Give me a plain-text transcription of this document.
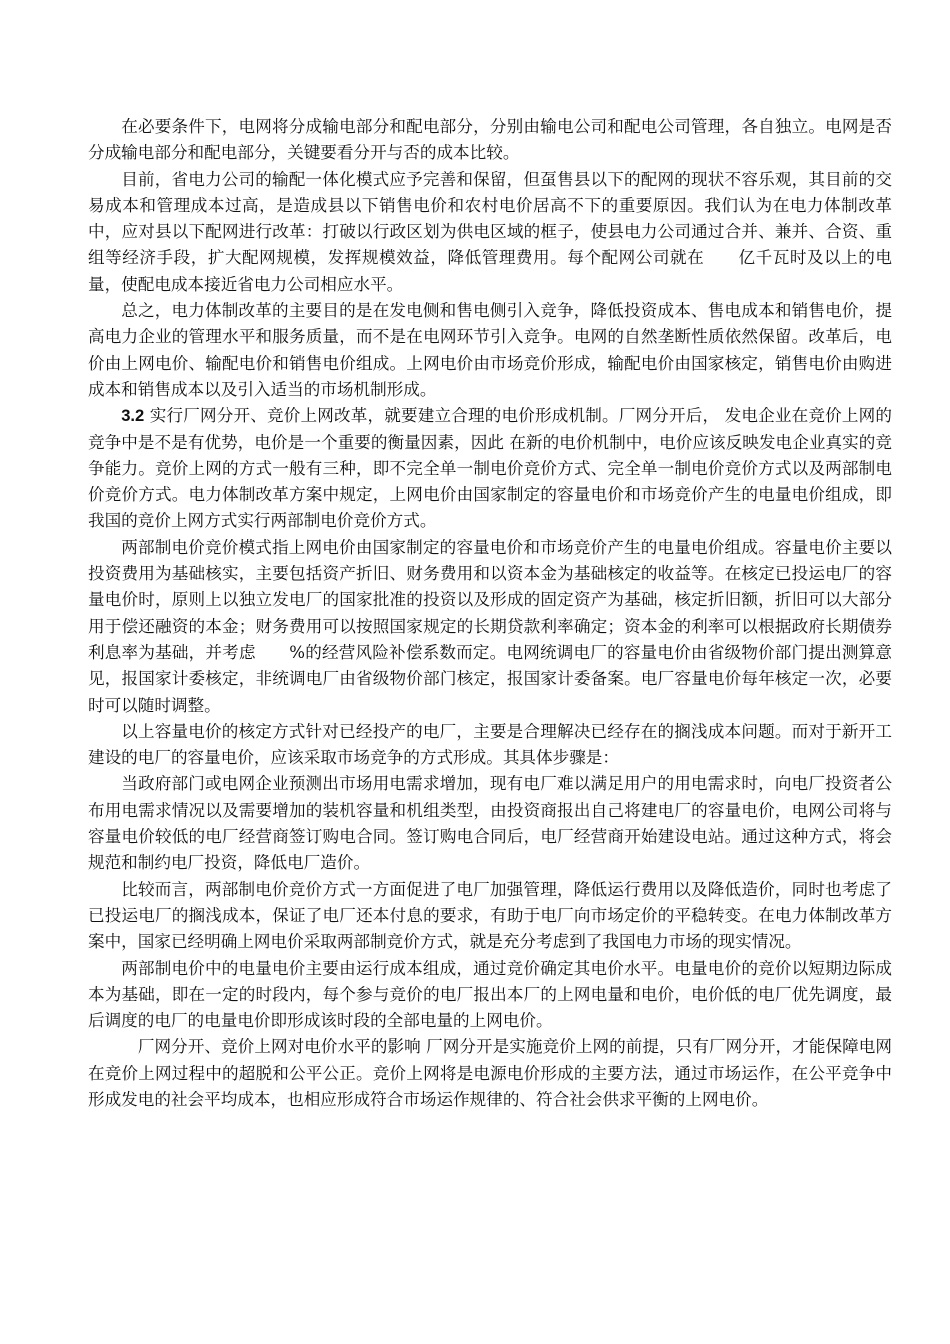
在必要条件下，电网将分成输电部分和配电部分，分别由输电公司和配电公司管理，各自独立。电网是否分成输电部分和配电部分，关键要看分开与否的成本比较。

目前，省电力公司的输配一体化模式应予完善和保留，但虿售县以下的配网的现状不容乐观，其目前的交易成本和管理成本过高，是造成县以下销售电价和农村电价居高不下的重要原因。我们认为在电力体制改革中，应对县以下配网进行改革：打破以行政区划为供电区域的框子，使县电力公司通过合并、兼并、合资、重组等经济手段，扩大配网规模，发挥规模效益，降低管理费用。每个配网公司就在　　亿千瓦时及以上的电量，使配电成本接近省电力公司相应水平。

总之，电力体制改革的主要目的是在发电侧和售电侧引入竞争，降低投资成本、售电成本和销售电价，提高电力企业的管理水平和服务质量，而不是在电网环节引入竞争。电网的自然垄断性质依然保留。改革后，电价由上网电价、输配电价和销售电价组成。上网电价由市场竞价形成，输配电价由国家核定，销售电价由购进成本和销售成本以及引入适当的市场机制形成。

3.2 实行厂网分开、竞价上网改革，就要建立合理的电价形成机制。厂网分开后， 发电企业在竞价上网的竞争中是不是有优势，电价是一个重要的衡量因素，因此 在新的电价机制中，电价应该反映发电企业真实的竞争能力。竞价上网的方式一般有三种，即不完全单一制电价竞价方式、完全单一制电价竞价方式以及两部制电价竞价方式。电力体制改革方案中规定，上网电价由国家制定的容量电价和市场竞价产生的电量电价组成，即我国的竞价上网方式实行两部制电价竞价方式。

两部制电价竞价模式指上网电价由国家制定的容量电价和市场竞价产生的电量电价组成。容量电价主要以投资费用为基础核实，主要包括资产折旧、财务费用和以资本金为基础核定的收益等。在核定已投运电厂的容量电价时，原则上以独立发电厂的国家批准的投资以及形成的固定资产为基础，核定折旧额，折旧可以大部分用于偿还融资的本金；财务费用可以按照国家规定的长期贷款利率确定；资本金的利率可以根据政府长期债券利息率为基础，并考虑　　%的经营风险补偿系数而定。电网统调电厂的容量电价由省级物价部门提出测算意见，报国家计委核定，非统调电厂由省级物价部门核定，报国家计委备案。电厂容量电价每年核定一次，必要时可以随时调整。

以上容量电价的核定方式针对已经投产的电厂，主要是合理解决已经存在的搁浅成本问题。而对于新开工建设的电厂的容量电价，应该采取市场竞争的方式形成。其具体步骤是：

当政府部门或电网企业预测出市场用电需求增加，现有电厂难以满足用户的用电需求时，向电厂投资者公布用电需求情况以及需要增加的装机容量和机组类型，由投资商报出自己将建电厂的容量电价，电网公司将与容量电价较低的电厂经营商签订购电合同。签订购电合同后，电厂经营商开始建设电站。通过这种方式，将会规范和制约电厂投资，降低电厂造价。

比较而言，两部制电价竞价方式一方面促进了电厂加强管理，降低运行费用以及降低造价，同时也考虑了已投运电厂的搁浅成本，保证了电厂还本付息的要求，有助于电厂向市场定价的平稳转变。在电力体制改革方案中，国家已经明确上网电价采取两部制竞价方式，就是充分考虑到了我国电力市场的现实情况。

两部制电价中的电量电价主要由运行成本组成，通过竞价确定其电价水平。电量电价的竞价以短期边际成本为基础，即在一定的时段内，每个参与竞价的电厂报出本厂的上网电量和电价，电价低的电厂优先调度，最后调度的电厂的电量电价即形成该时段的全部电量的上网电价。

　厂网分开、竞价上网对电价水平的影响 厂网分开是实施竞价上网的前提，只有厂网分开，才能保障电网在竞价上网过程中的超脱和公平公正。竞价上网将是电源电价形成的主要方法，通过市场运作，在公平竞争中形成发电的社会平均成本，也相应形成符合市场运作规律的、符合社会供求平衡的上网电价。
